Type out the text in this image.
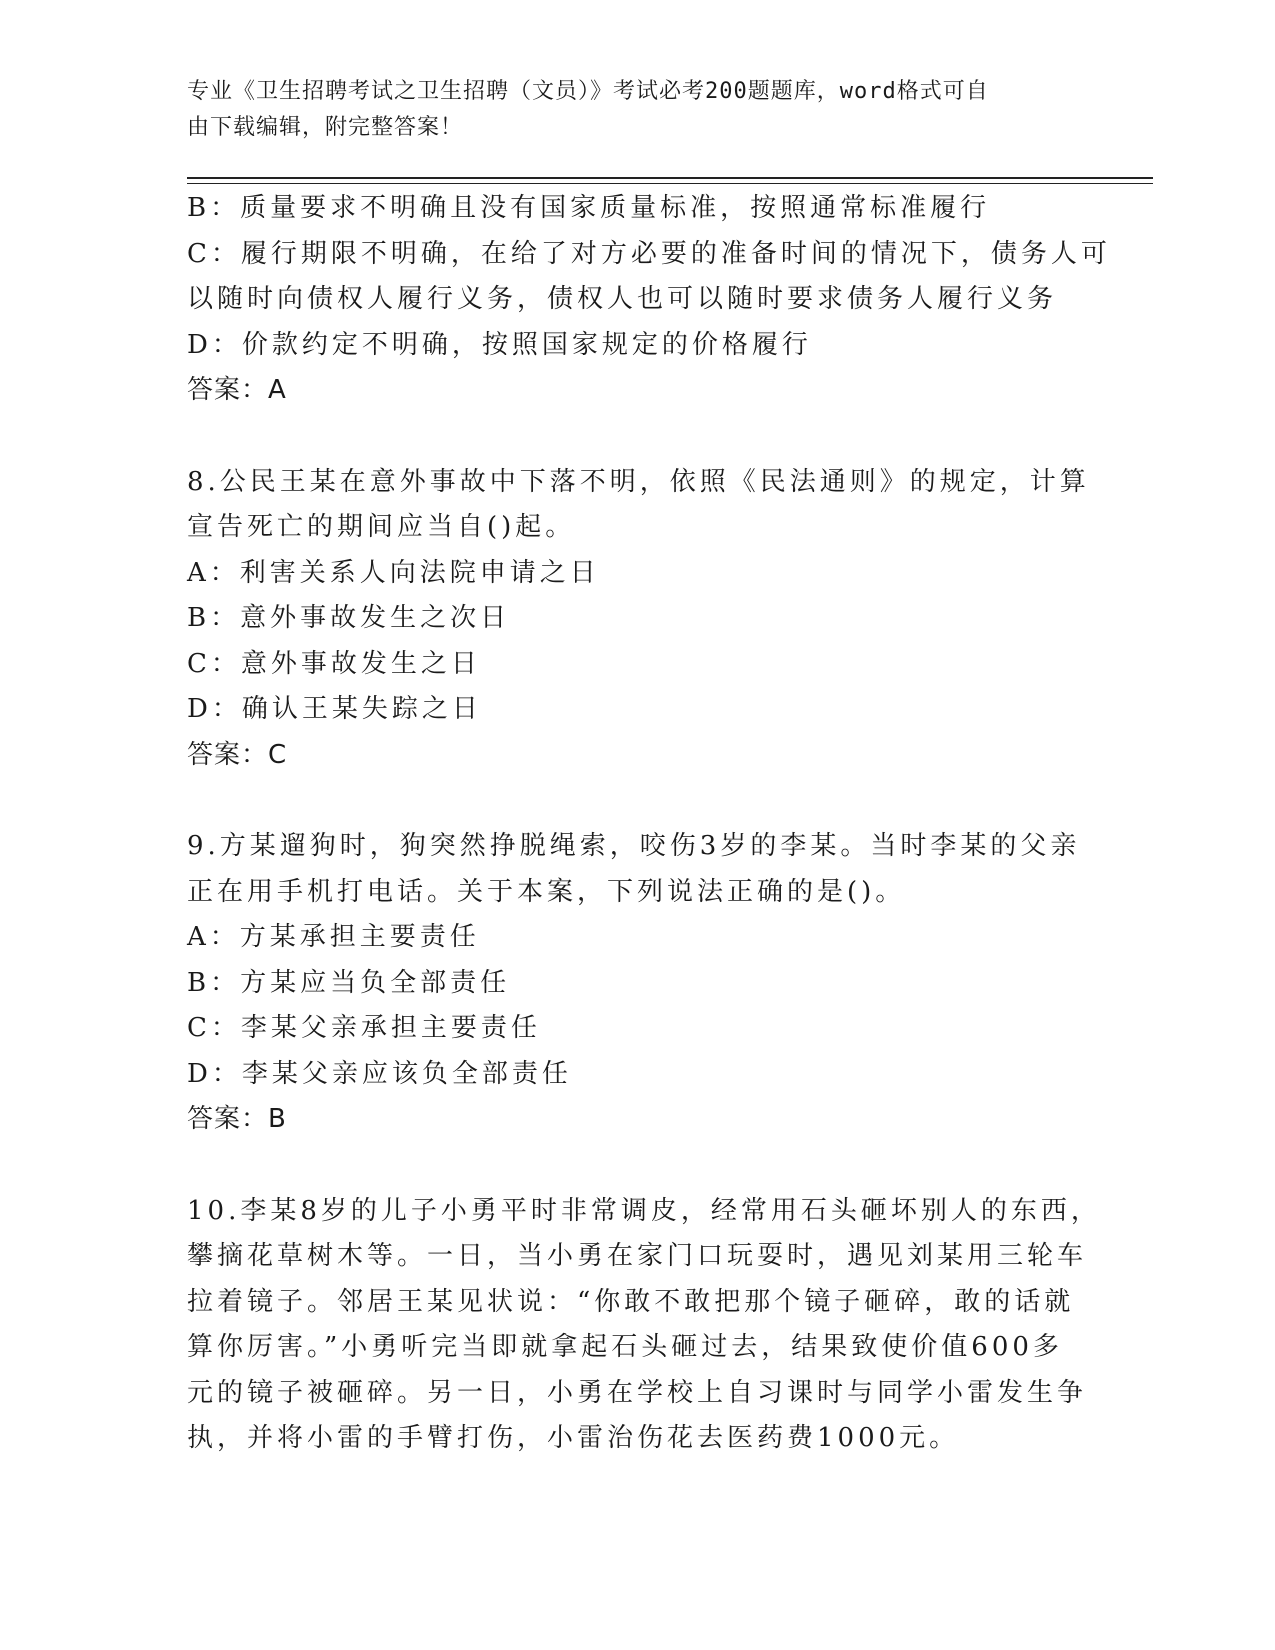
专业《卫生招聘考试之卫生招聘（文员）》考试必考200题题库，word格式可自
由下载编辑，附完整答案！
B：质量要求不明确且没有国家质量标准，按照通常标准履行
C：履行期限不明确，在给了对方必要的准备时间的情况下，债务人可
以随时向债权人履行义务，债权人也可以随时要求债务人履行义务
D：价款约定不明确，按照国家规定的价格履行
答案：A
8.公民王某在意外事故中下落不明，依照《民法通则》的规定，计算
宣告死亡的期间应当自()起。
A：利害关系人向法院申请之日
B：意外事故发生之次日
C：意外事故发生之日
D：确认王某失踪之日
答案：C
9.方某遛狗时，狗突然挣脱绳索，咬伤3岁的李某。当时李某的父亲
正在用手机打电话。关于本案，下列说法正确的是()。
A：方某承担主要责任
B：方某应当负全部责任
C：李某父亲承担主要责任
D：李某父亲应该负全部责任
答案：B
10.李某8岁的儿子小勇平时非常调皮，经常用石头砸坏别人的东西，
攀摘花草树木等。一日，当小勇在家门口玩耍时，遇见刘某用三轮车
拉着镜子。邻居王某见状说：“你敢不敢把那个镜子砸碎，敢的话就
算你厉害。”小勇听完当即就拿起石头砸过去，结果致使价值600多
元的镜子被砸碎。另一日，小勇在学校上自习课时与同学小雷发生争
执，并将小雷的手臂打伤，小雷治伤花去医药费1000元。
